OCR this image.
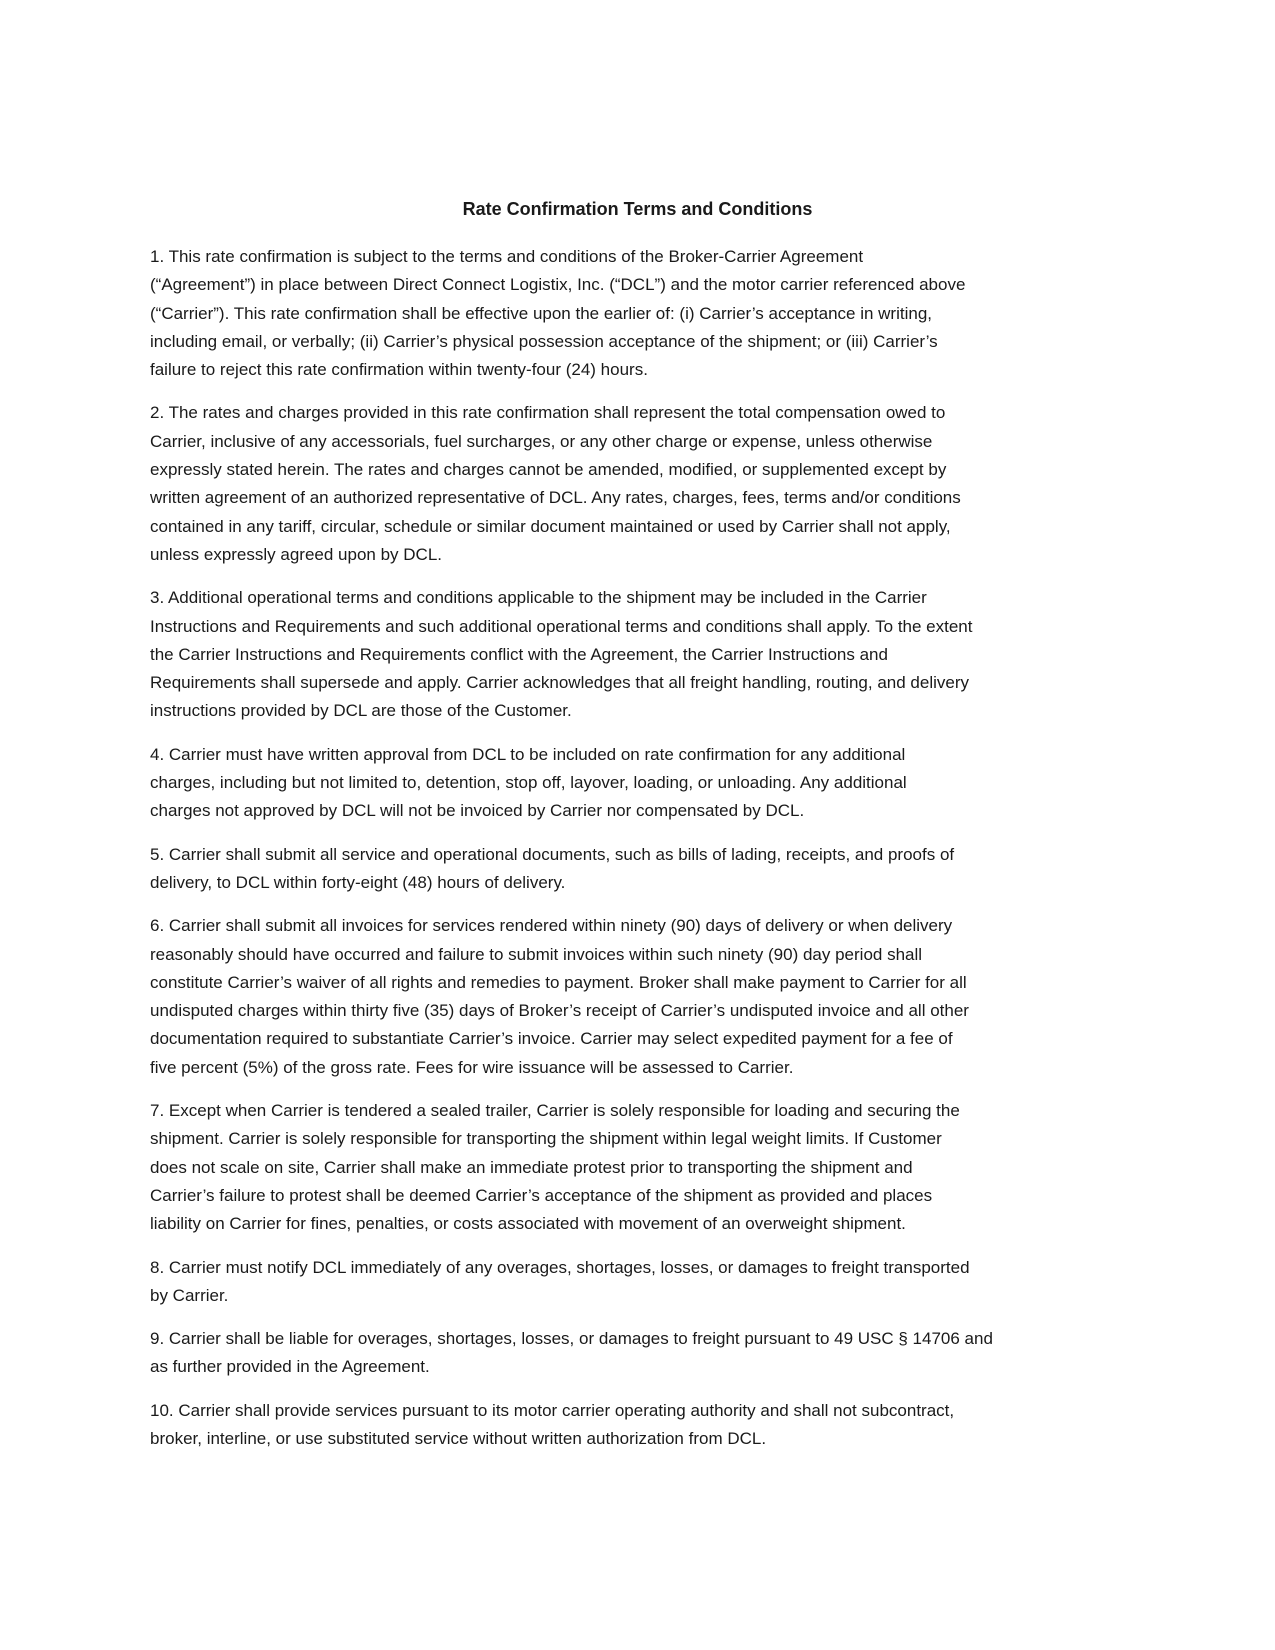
Rate Confirmation Terms and Conditions

1. This rate confirmation is subject to the terms and conditions of the Broker-Carrier Agreement
(“Agreement”) in place between Direct Connect Logistix, Inc. (“DCL”) and the motor carrier referenced above
(“Carrier”). This rate confirmation shall be effective upon the earlier of: (i) Carrier’s acceptance in writing,
including email, or verbally; (ii) Carrier’s physical possession acceptance of the shipment; or (iii) Carrier’s
failure to reject this rate confirmation within twenty-four (24) hours.

2. The rates and charges provided in this rate confirmation shall represent the total compensation owed to
Carrier, inclusive of any accessorials, fuel surcharges, or any other charge or expense, unless otherwise
expressly stated herein. The rates and charges cannot be amended, modified, or supplemented except by
written agreement of an authorized representative of DCL. Any rates, charges, fees, terms and/or conditions
contained in any tariff, circular, schedule or similar document maintained or used by Carrier shall not apply,
unless expressly agreed upon by DCL.

3. Additional operational terms and conditions applicable to the shipment may be included in the Carrier
Instructions and Requirements and such additional operational terms and conditions shall apply. To the extent
the Carrier Instructions and Requirements conflict with the Agreement, the Carrier Instructions and
Requirements shall supersede and apply. Carrier acknowledges that all freight handling, routing, and delivery
instructions provided by DCL are those of the Customer.

4. Carrier must have written approval from DCL to be included on rate confirmation for any additional
charges, including but not limited to, detention, stop off, layover, loading, or unloading. Any additional
charges not approved by DCL will not be invoiced by Carrier nor compensated by DCL.

5. Carrier shall submit all service and operational documents, such as bills of lading, receipts, and proofs of
delivery, to DCL within forty-eight (48) hours of delivery.

6. Carrier shall submit all invoices for services rendered within ninety (90) days of delivery or when delivery
reasonably should have occurred and failure to submit invoices within such ninety (90) day period shall
constitute Carrier’s waiver of all rights and remedies to payment. Broker shall make payment to Carrier for all
undisputed charges within thirty five (35) days of Broker’s receipt of Carrier’s undisputed invoice and all other
documentation required to substantiate Carrier’s invoice. Carrier may select expedited payment for a fee of
five percent (5%) of the gross rate. Fees for wire issuance will be assessed to Carrier.

7. Except when Carrier is tendered a sealed trailer, Carrier is solely responsible for loading and securing the
shipment. Carrier is solely responsible for transporting the shipment within legal weight limits. If Customer
does not scale on site, Carrier shall make an immediate protest prior to transporting the shipment and
Carrier’s failure to protest shall be deemed Carrier’s acceptance of the shipment as provided and places
liability on Carrier for fines, penalties, or costs associated with movement of an overweight shipment.

8. Carrier must notify DCL immediately of any overages, shortages, losses, or damages to freight transported
by Carrier.

9. Carrier shall be liable for overages, shortages, losses, or damages to freight pursuant to 49 USC § 14706 and
as further provided in the Agreement.

10. Carrier shall provide services pursuant to its motor carrier operating authority and shall not subcontract,
broker, interline, or use substituted service without written authorization from DCL.
